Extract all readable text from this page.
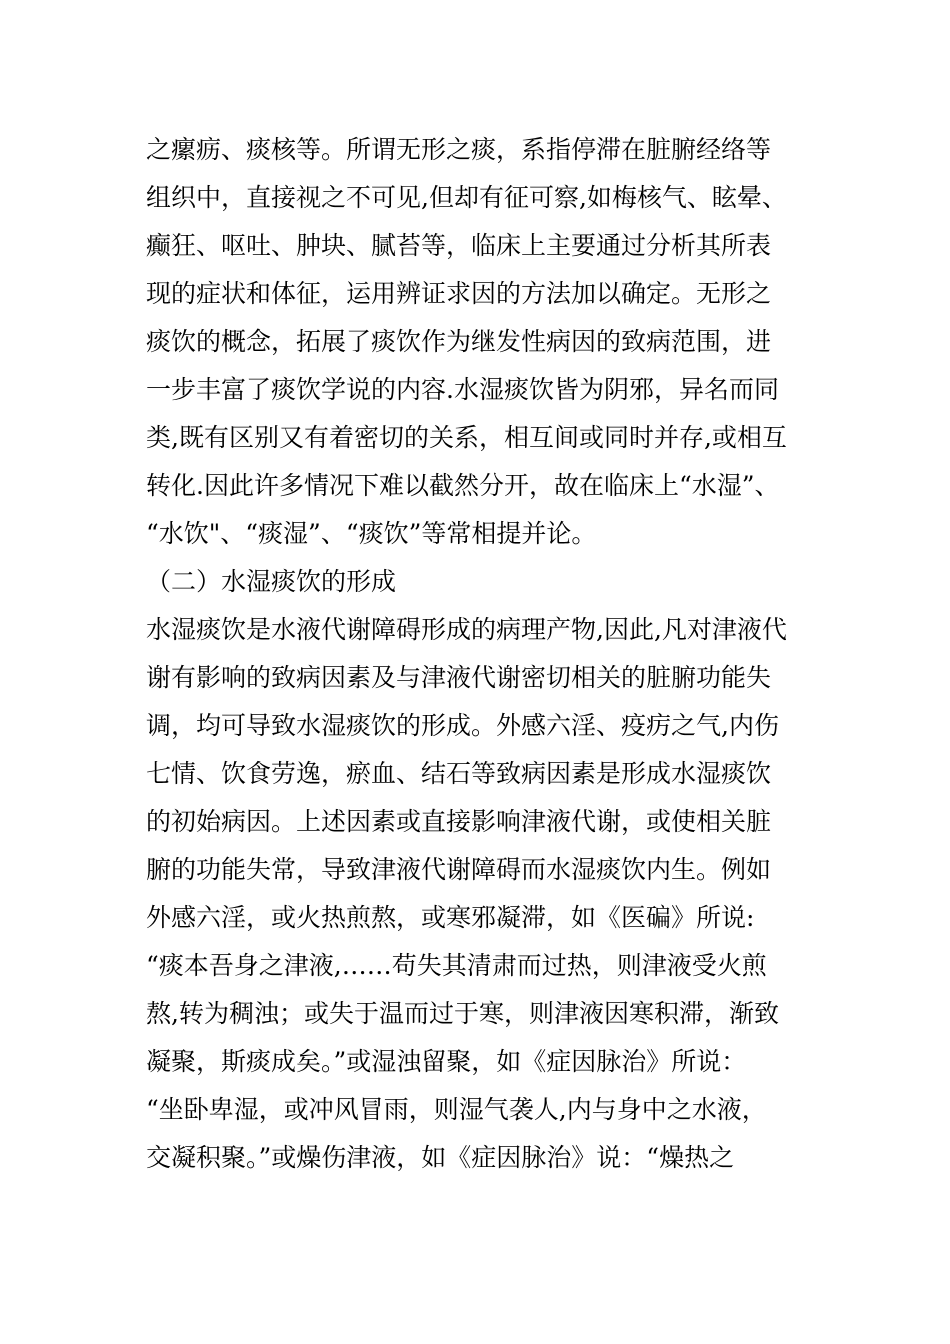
之瘰疬、痰核等。所谓无形之痰，系指停滞在脏腑经络等
组织中，直接视之不可见,但却有征可察,如梅核气、眩晕、
癫狂、呕吐、肿块、腻苔等，临床上主要通过分析其所表
现的症状和体征，运用辨证求因的方法加以确定。无形之
痰饮的概念，拓展了痰饮作为继发性病因的致病范围，进
一步丰富了痰饮学说的内容.水湿痰饮皆为阴邪，异名而同
类,既有区别又有着密切的关系，相互间或同时并存,或相互
转化.因此许多情况下难以截然分开，故在临床上“水湿”、
“水饮"、“痰湿”、“痰饮”等常相提并论。
（二）水湿痰饮的形成
水湿痰饮是水液代谢障碍形成的病理产物,因此,凡对津液代
谢有影响的致病因素及与津液代谢密切相关的脏腑功能失
调，均可导致水湿痰饮的形成。外感六淫、疫疠之气,内伤
七情、饮食劳逸，瘀血、结石等致病因素是形成水湿痰饮
的初始病因。上述因素或直接影响津液代谢，或使相关脏
腑的功能失常，导致津液代谢障碍而水湿痰饮内生。例如
外感六淫，或火热煎熬，或寒邪凝滞，如《医碥》所说:
“痰本吾身之津液,……苟失其清肃而过热，则津液受火煎
熬,转为稠浊；或失于温而过于寒，则津液因寒积滞，渐致
凝聚，斯痰成矣。”或湿浊留聚，如《症因脉治》所说：
“坐卧卑湿，或冲风冒雨，则湿气袭人,内与身中之水液，
交凝积聚。”或燥伤津液，如《症因脉治》说：“燥热之
